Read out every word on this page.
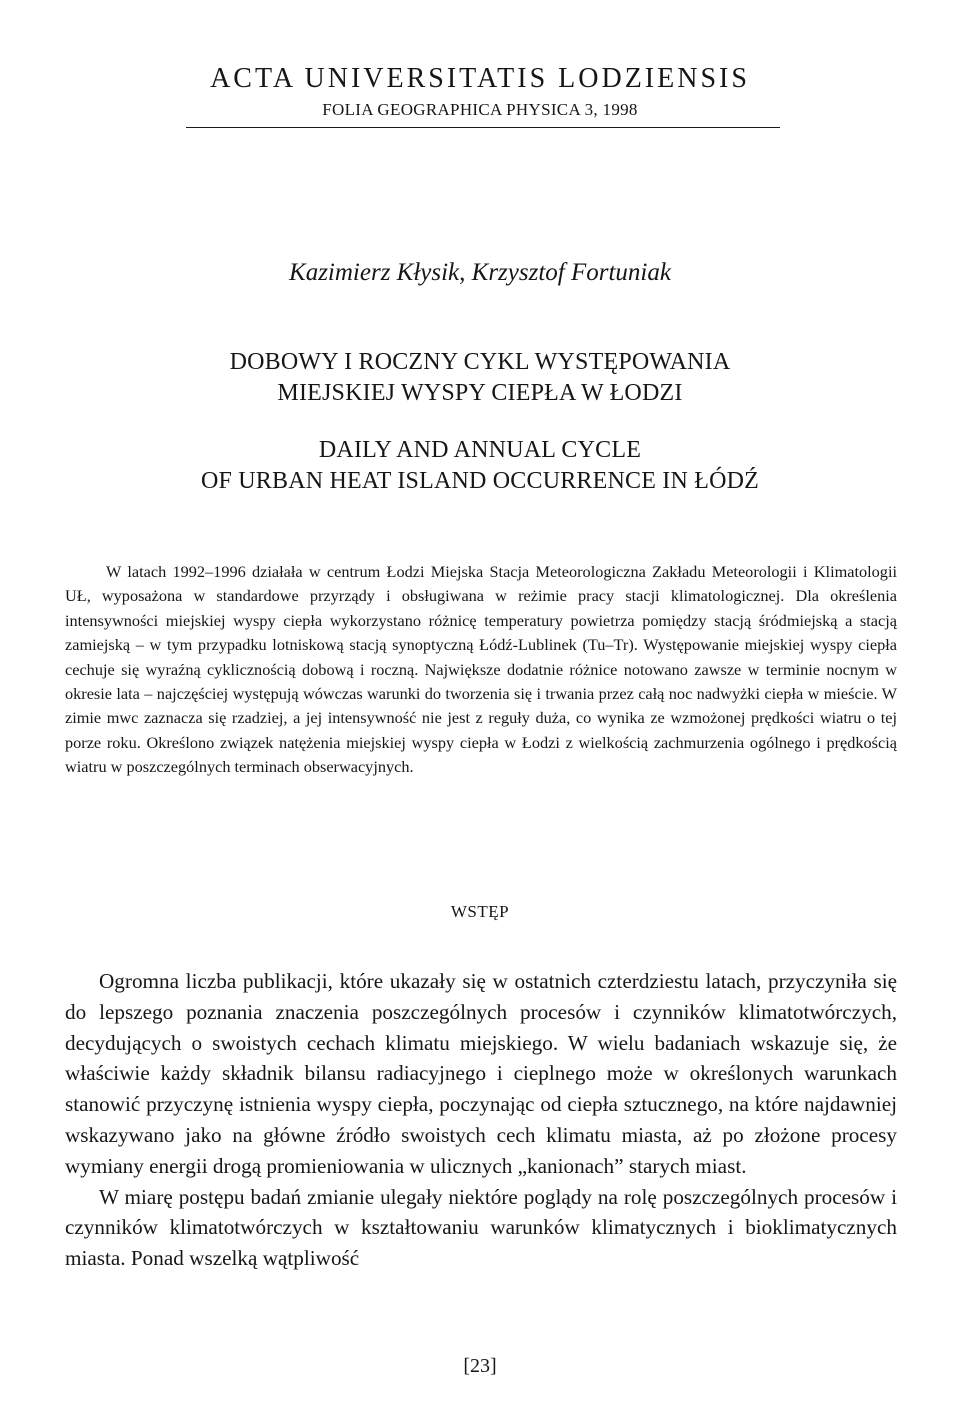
ACTA UNIVERSITATIS LODZIENSIS
FOLIA GEOGRAPHICA PHYSICA 3, 1998
Kazimierz Kłysik, Krzysztof Fortuniak
DOBOWY I ROCZNY CYKL WYSTĘPOWANIA
MIEJSKIEJ WYSPY CIEPŁA W ŁODZI
DAILY AND ANNUAL CYCLE
OF URBAN HEAT ISLAND OCCURRENCE IN ŁÓDŹ

W latach 1992–1996 działała w centrum Łodzi Miejska Stacja Meteorologiczna Zakładu Meteorologii i Klimatologii UŁ, wyposażona w standardowe przyrządy i obsługiwana w reżimie pracy stacji klimatologicznej. Dla określenia intensywności miejskiej wyspy ciepła wykorzystano różnicę temperatury powietrza pomiędzy stacją śródmiejską a stacją zamiejską – w tym przypadku lotniskową stacją synoptyczną Łódź-Lublinek (Tu–Tr). Występowanie miejskiej wyspy ciepła cechuje się wyraźną cyklicznością dobową i roczną. Największe dodatnie różnice notowano zawsze w terminie nocnym w okresie lata – najczęściej występują wówczas warunki do tworzenia się i trwania przez całą noc nadwyżki ciepła w mieście. W zimie mwc zaznacza się rzadziej, a jej intensywność nie jest z reguły duża, co wynika ze wzmożonej prędkości wiatru o tej porze roku. Określono związek natężenia miejskiej wyspy ciepła w Łodzi z wielkością zachmurzenia ogólnego i prędkością wiatru w poszczególnych terminach obserwacyjnych.

WSTĘP

Ogromna liczba publikacji, które ukazały się w ostatnich czterdziestu latach, przyczyniła się do lepszego poznania znaczenia poszczególnych procesów i czynników klimatotwórczych, decydujących o swoistych cechach klimatu miejskiego. W wielu badaniach wskazuje się, że właściwie każdy składnik bilansu radiacyjnego i cieplnego może w określonych warunkach stanowić przyczynę istnienia wyspy ciepła, poczynając od ciepła sztucznego, na które najdawniej wskazywano jako na główne źródło swoistych cech klimatu miasta, aż po złożone procesy wymiany energii drogą promieniowania w ulicznych „kanionach” starych miast.

W miarę postępu badań zmianie ulegały niektóre poglądy na rolę poszczególnych procesów i czynników klimatotwórczych w kształtowaniu warunków klimatycznych i bioklimatycznych miasta. Ponad wszelką wątpliwość

[23]
